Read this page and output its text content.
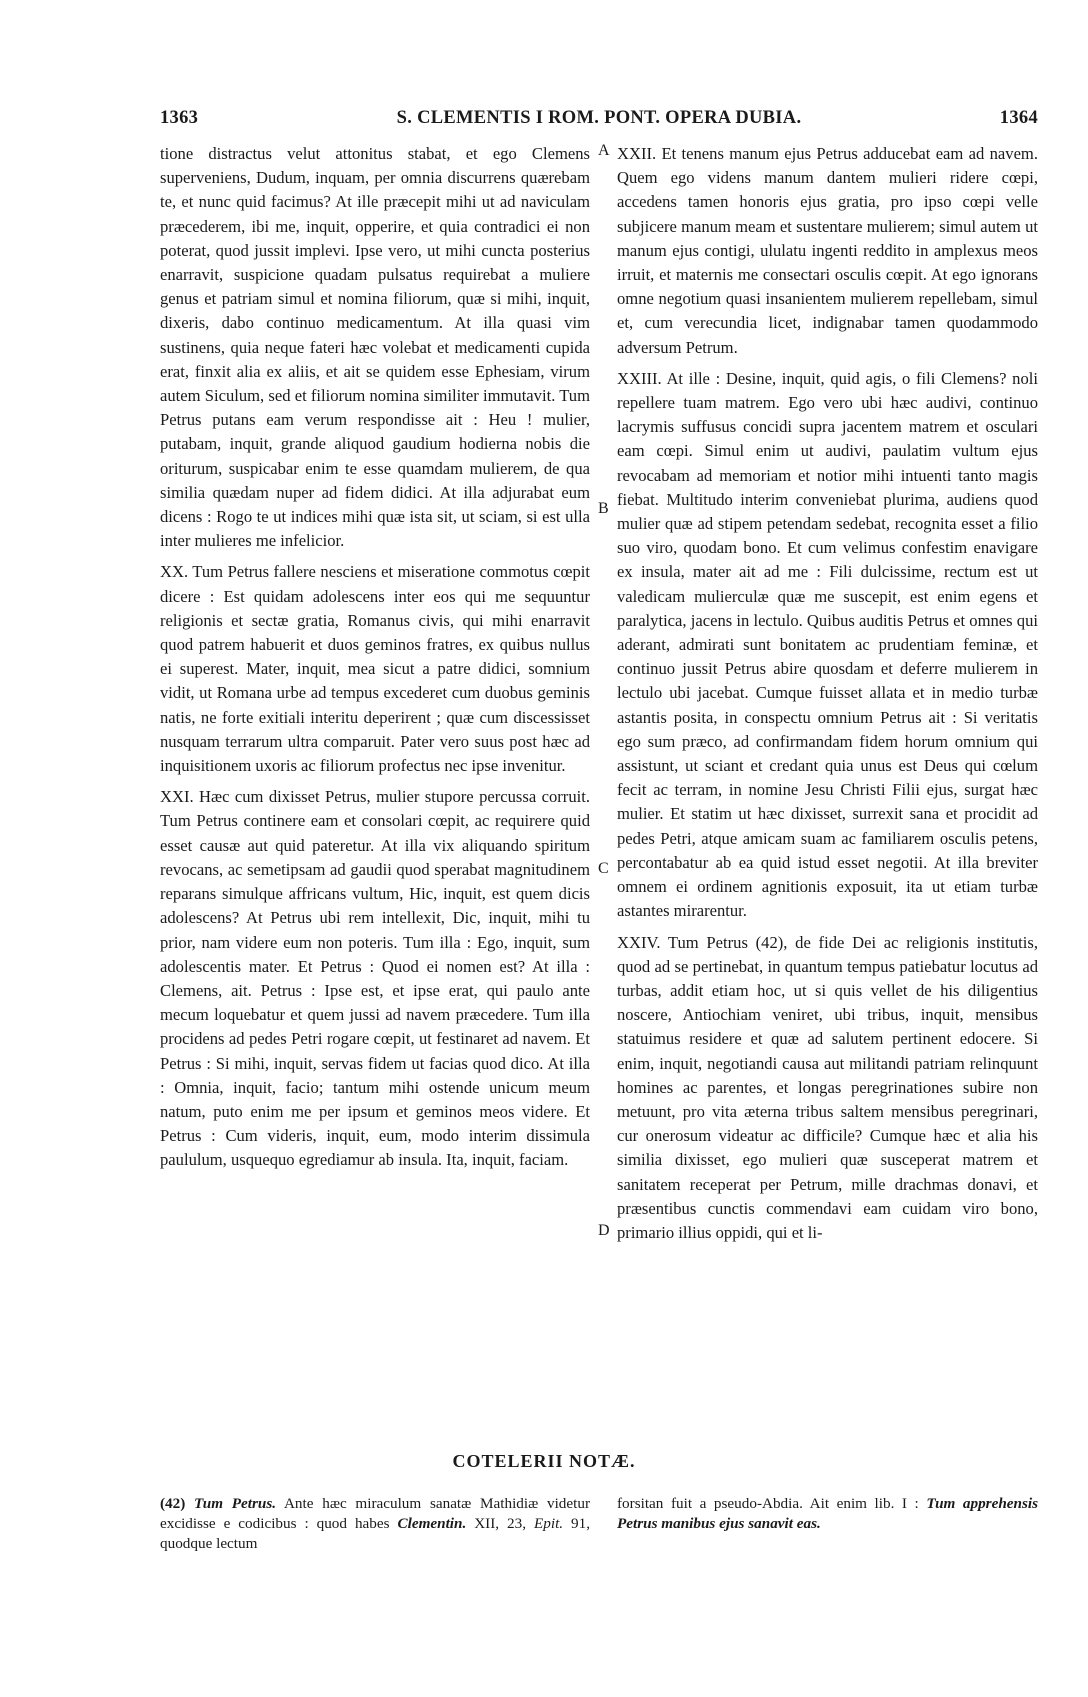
1363	S. CLEMENTIS I ROM. PONT. OPERA DUBIA.	1364

tione distractus velut attonitus stabat, et ego Clemens superveniens, Dudum, inquam, per omnia discurrens quærebam te, et nunc quid facimus? At ille præcepit mihi ut ad naviculam præcederem, ibi me, inquit, opperire, et quia contradici ei non poterat, quod jussit implevi. Ipse vero, ut mihi cuncta posterius enarravit, suspicione quadam pulsatus requirebat a muliere genus et patriam simul et nomina filiorum, quæ si mihi, inquit, dixeris, dabo continuo medicamentum. At illa quasi vim sustinens, quia neque fateri hæc volebat et medicamenti cupida erat, finxit alia ex aliis, et ait se quidem esse Ephesiam, virum autem Siculum, sed et filiorum nomina similiter immutavit. Tum Petrus putans eam verum respondisse ait : Heu ! mulier, putabam, inquit, grande aliquod gaudium hodierna nobis die oriturum, suspicabar enim te esse quamdam mulierem, de qua similia quædam nuper ad fidem didici. At illa adjurabat eum dicens : Rogo te ut indices mihi quæ ista sit, ut sciam, si est ulla inter mulieres me infelicior.

XX. Tum Petrus fallere nesciens et miseratione commotus cœpit dicere : Est quidam adolescens inter eos qui me sequuntur religionis et sectæ gratia, Romanus civis, qui mihi enarravit quod patrem habuerit et duos geminos fratres, ex quibus nullus ei superest. Mater, inquit, mea sicut a patre didici, somnium vidit, ut Romana urbe ad tempus excederet cum duobus geminis natis, ne forte exitiali interitu deperirent ; quæ cum discessisset nusquam terrarum ultra comparuit. Pater vero suus post hæc ad inquisitionem uxoris ac filiorum profectus nec ipse invenitur.

XXI. Hæc cum dixisset Petrus, mulier stupore percussa corruit. Tum Petrus continere eam et consolari cœpit, ac requirere quid esset causæ aut quid pateretur. At illa vix aliquando spiritum revocans, ac semetipsam ad gaudii quod sperabat magnitudinem reparans simulque affricans vultum, Hic, inquit, est quem dicis adolescens? At Petrus ubi rem intellexit, Dic, inquit, mihi tu prior, nam videre eum non poteris. Tum illa : Ego, inquit, sum adolescentis mater. Et Petrus : Quod ei nomen est? At illa : Clemens, ait. Petrus : Ipse est, et ipse erat, qui paulo ante mecum loquebatur et quem jussi ad navem præcedere. Tum illa procidens ad pedes Petri rogare cœpit, ut festinaret ad navem. Et Petrus : Si mihi, inquit, servas fidem ut facias quod dico. At illa : Omnia, inquit, facio; tantum mihi ostende unicum meum natum, puto enim me per ipsum et geminos meos videre. Et Petrus : Cum videris, inquit, eum, modo interim dissimula paululum, usquequo egrediamur ab insula. Ita, inquit, faciam.

A
B
C
D

XXII. Et tenens manum ejus Petrus adducebat eam ad navem. Quem ego videns manum dantem mulieri ridere cœpi, accedens tamen honoris ejus gratia, pro ipso cœpi velle subjicere manum meam et sustentare mulierem; simul autem ut manum ejus contigi, ululatu ingenti reddito in amplexus meos irruit, et maternis me consectari osculis cœpit. At ego ignorans omne negotium quasi insanientem mulierem repellebam, simul et, cum verecundia licet, indignabar tamen quodammodo adversum Petrum.

XXIII. At ille : Desine, inquit, quid agis, o fili Clemens? noli repellere tuam matrem. Ego vero ubi hæc audivi, continuo lacrymis suffusus concidi supra jacentem matrem et osculari eam cœpi. Simul enim ut audivi, paulatim vultum ejus revocabam ad memoriam et notior mihi intuenti tanto magis fiebat. Multitudo interim conveniebat plurima, audiens quod mulier quæ ad stipem petendam sedebat, recognita esset a filio suo viro, quodam bono. Et cum velimus confestim enavigare ex insula, mater ait ad me : Fili dulcissime, rectum est ut valedicam mulierculæ quæ me suscepit, est enim egens et paralytica, jacens in lectulo. Quibus auditis Petrus et omnes qui aderant, admirati sunt bonitatem ac prudentiam feminæ, et continuo jussit Petrus abire quosdam et deferre mulierem in lectulo ubi jacebat. Cumque fuisset allata et in medio turbæ astantis posita, in conspectu omnium Petrus ait : Si veritatis ego sum præco, ad confirmandam fidem horum omnium qui assistunt, ut sciant et credant quia unus est Deus qui cœlum fecit ac terram, in nomine Jesu Christi Filii ejus, surgat hæc mulier. Et statim ut hæc dixisset, surrexit sana et procidit ad pedes Petri, atque amicam suam ac familiarem osculis petens, percontabatur ab ea quid istud esset negotii. At illa breviter omnem ei ordinem agnitionis exposuit, ita ut etiam turbæ astantes mirarentur.

XXIV. Tum Petrus (42), de fide Dei ac religionis institutis, quod ad se pertinebat, in quantum tempus patiebatur locutus ad turbas, addit etiam hoc, ut si quis vellet de his diligentius noscere, Antiochiam veniret, ubi tribus, inquit, mensibus statuimus residere et quæ ad salutem pertinent edocere. Si enim, inquit, negotiandi causa aut militandi patriam relinquunt homines ac parentes, et longas peregrinationes subire non metuunt, pro vita æterna tribus saltem mensibus peregrinari, cur onerosum videatur ac difficile? Cumque hæc et alia his similia dixisset, ego mulieri quæ susceperat matrem et sanitatem receperat per Petrum, mille drachmas donavi, et præsentibus cunctis commendavi eam cuidam viro bono, primario illius oppidi, qui et li-

COTELERII NOTÆ.
(42) Tum Petrus. Ante hæc miraculum sanatæ Mathidiæ videtur excidisse e codicibus : quod habes Clementin. XII, 23, Epit. 91, quodque lectum
forsitan fuit a pseudo-Abdia. Ait enim lib. I : Tum apprehensis Petrus manibus ejus sanavit eas.
